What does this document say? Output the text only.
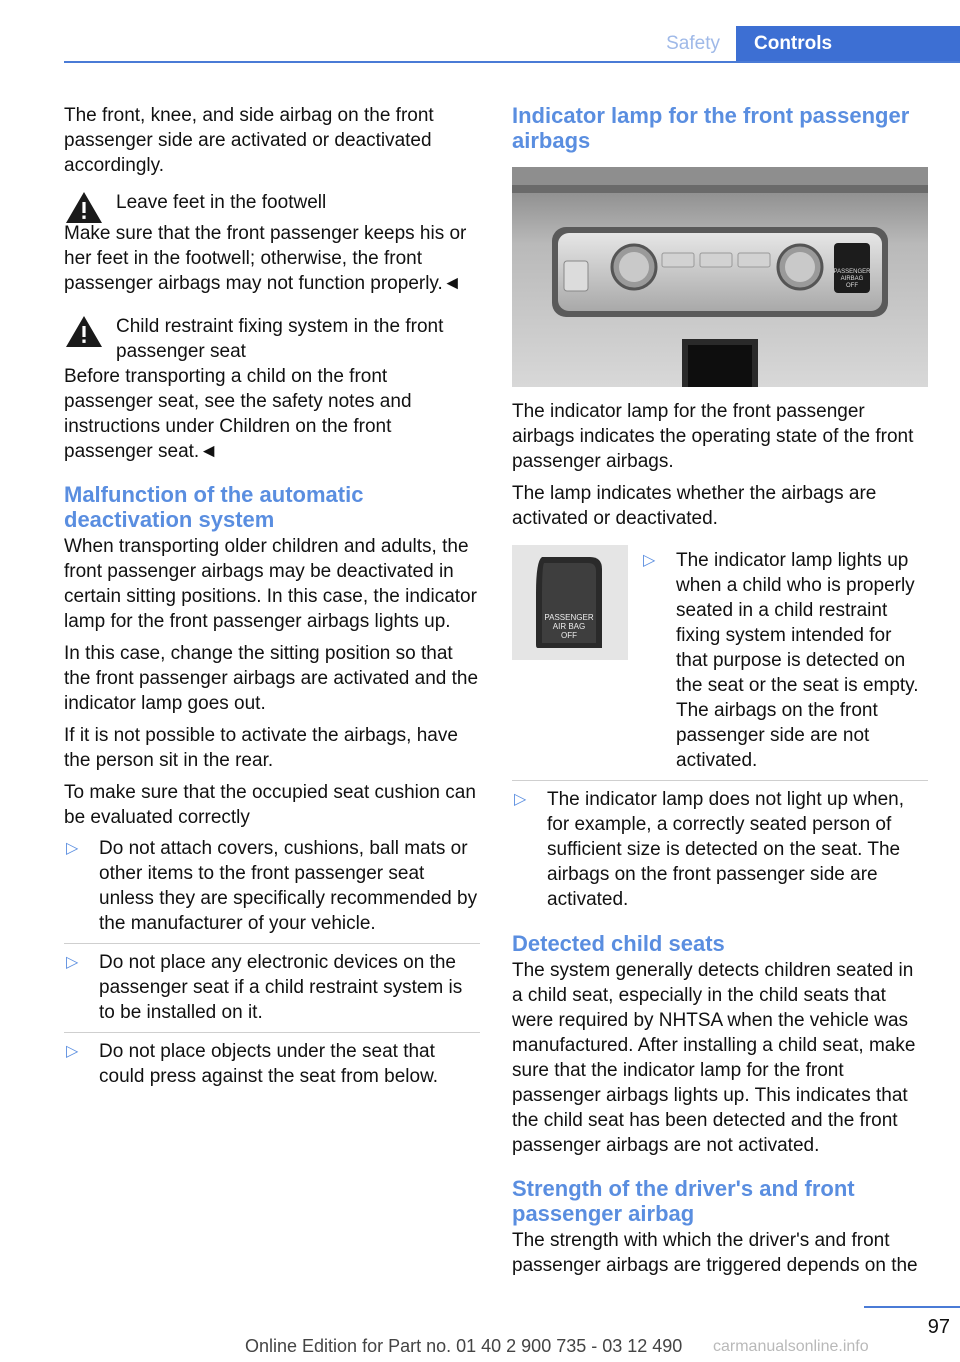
Safety	Controls

The front, knee, and side airbag on the front passenger side are activated or deactivated accordingly.

Leave feet in the footwell
Make sure that the front passenger keeps his or her feet in the footwell; otherwise, the front passenger airbags may not function properly.◄
Child restraint fixing system in the front passenger seat
Before transporting a child on the front passenger seat, see the safety notes and instructions under Children on the front passenger seat.◄
Malfunction of the automatic deactivation system

When transporting older children and adults, the front passenger airbags may be deactivated in certain sitting positions. In this case, the indicator lamp for the front passenger airbags lights up.

In this case, change the sitting position so that the front passenger airbags are activated and the indicator lamp goes out.

If it is not possible to activate the airbags, have the person sit in the rear.

To make sure that the occupied seat cushion can be evaluated correctly

▷ Do not attach covers, cushions, ball mats or other items to the front passenger seat unless they are specifically recommended by the manufacturer of your vehicle.
▷ Do not place any electronic devices on the passenger seat if a child restraint system is to be installed on it.
▷ Do not place objects under the seat that could press against the seat from below.
Indicator lamp for the front passenger airbags
PASSENGER
AIRBAG
OFF

The indicator lamp for the front passenger airbags indicates the operating state of the front passenger airbags.

The lamp indicates whether the airbags are activated or deactivated.

PASSENGER
AIR BAG
OFF
▷ The indicator lamp lights up when a child who is properly seated in a child restraint fixing system intended for that purpose is detected on the seat or the seat is empty. The airbags on the front passenger side are not activated.
▷ The indicator lamp does not light up when, for example, a correctly seated person of sufficient size is detected on the seat. The airbags on the front passenger side are activated.
Detected child seats

The system generally detects children seated in a child seat, especially in the child seats that were required by NHTSA when the vehicle was manufactured. After installing a child seat, make sure that the indicator lamp for the front passenger airbags lights up. This indicates that the child seat has been detected and the front passenger airbags are not activated.

Strength of the driver's and front passenger airbag

The strength with which the driver's and front passenger airbags are triggered depends on the

97
Online Edition for Part no. 01 40 2 900 735 - 03 12 490 carmanualsonline.info
